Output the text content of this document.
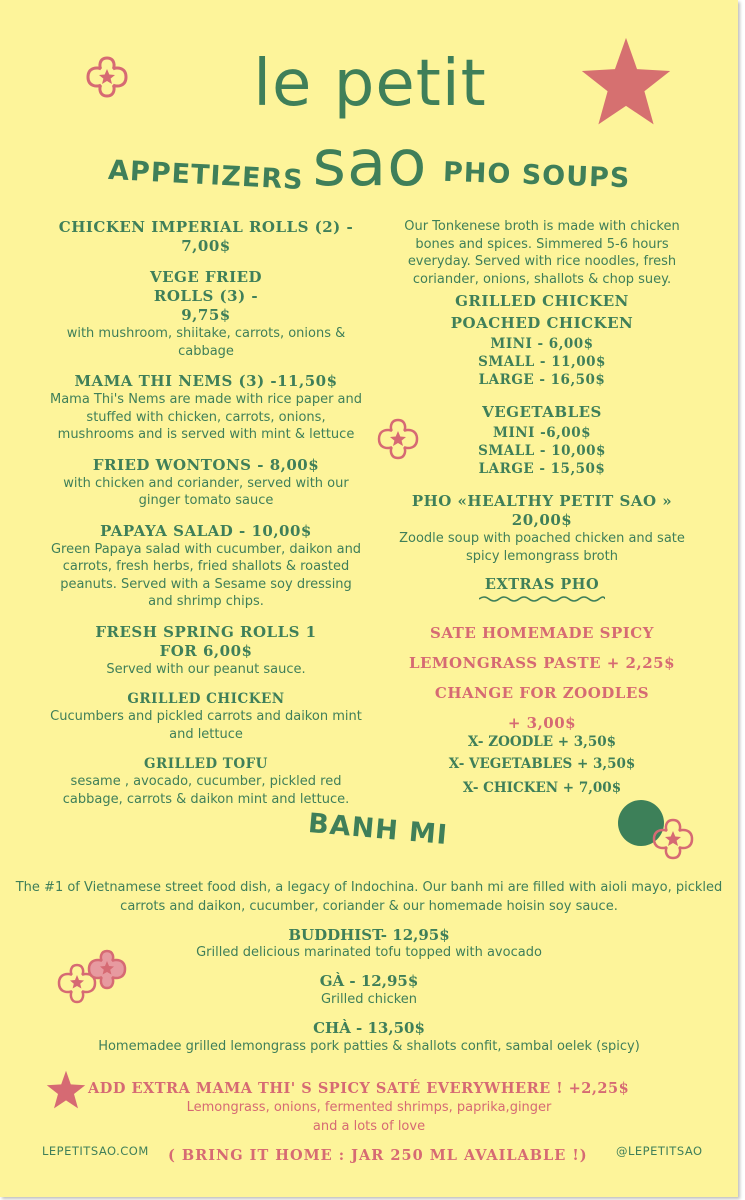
le petit sao
APPETIZERS	PHO SOUPS
CHICKEN IMPERIAL ROLLS (2) - 7,00$
VEGE FRIED ROLLS (3) - 9,75$
with mushroom, shiitake, carrots, onions & cabbage
MAMA THI NEMS (3) -11,50$
Mama Thi's Nems are made with rice paper and stuffed with chicken, carrots, onions, mushrooms and is served with mint & lettuce
FRIED WONTONS - 8,00$
with chicken and coriander, served with our ginger tomato sauce
PAPAYA SALAD - 10,00$
Green Papaya salad with cucumber, daikon and carrots, fresh herbs, fried shallots & roasted peanuts. Served with a Sesame soy dressing and shrimp chips.
FRESH SPRING ROLLS 1 FOR 6,00$
Served with our peanut sauce.
GRILLED CHICKEN
Cucumbers and pickled carrots and daikon mint and lettuce
GRILLED TOFU
sesame , avocado, cucumber, pickled red cabbage, carrots & daikon mint and lettuce.
Our Tonkenese broth is made with chicken bones and spices. Simmered 5-6 hours everyday. Served with rice noodles, fresh coriander, onions, shallots & chop suey.
GRILLED CHICKEN
POACHED CHICKEN
MINI - 6,00$
SMALL - 11,00$
LARGE - 16,50$
VEGETABLES
MINI -6,00$
SMALL - 10,00$
LARGE - 15,50$
PHO «HEALTHY PETIT SAO »
20,00$
Zoodle soup with poached chicken and sate spicy lemongrass broth
EXTRAS PHO
SATE HOMEMADE SPICY
LEMONGRASS PASTE + 2,25$
CHANGE FOR ZOODLES
+ 3,00$
X- ZOODLE + 3,50$
X- VEGETABLES + 3,50$
X- CHICKEN + 7,00$
BANH MI
The #1 of Vietnamese street food dish, a legacy of Indochina. Our banh mi are filled with aioli mayo, pickled carrots and daikon, cucumber, coriander & our homemade hoisin soy sauce.
BUDDHIST- 12,95$
Grilled delicious marinated tofu topped with avocado
GÀ - 12,95$
Grilled chicken
CHÀ - 13,50$
Homemadee grilled lemongrass pork patties & shallots confit, sambal oelek (spicy)
ADD EXTRA MAMA THI' S SPICY SATÉ EVERYWHERE ! +2,25$
Lemongrass, onions, fermented shrimps, paprika,ginger
and a lots of love
LEPETITSAO.COM ( BRING IT HOME : JAR 250 ML AVAILABLE !) @LEPETITSAO
